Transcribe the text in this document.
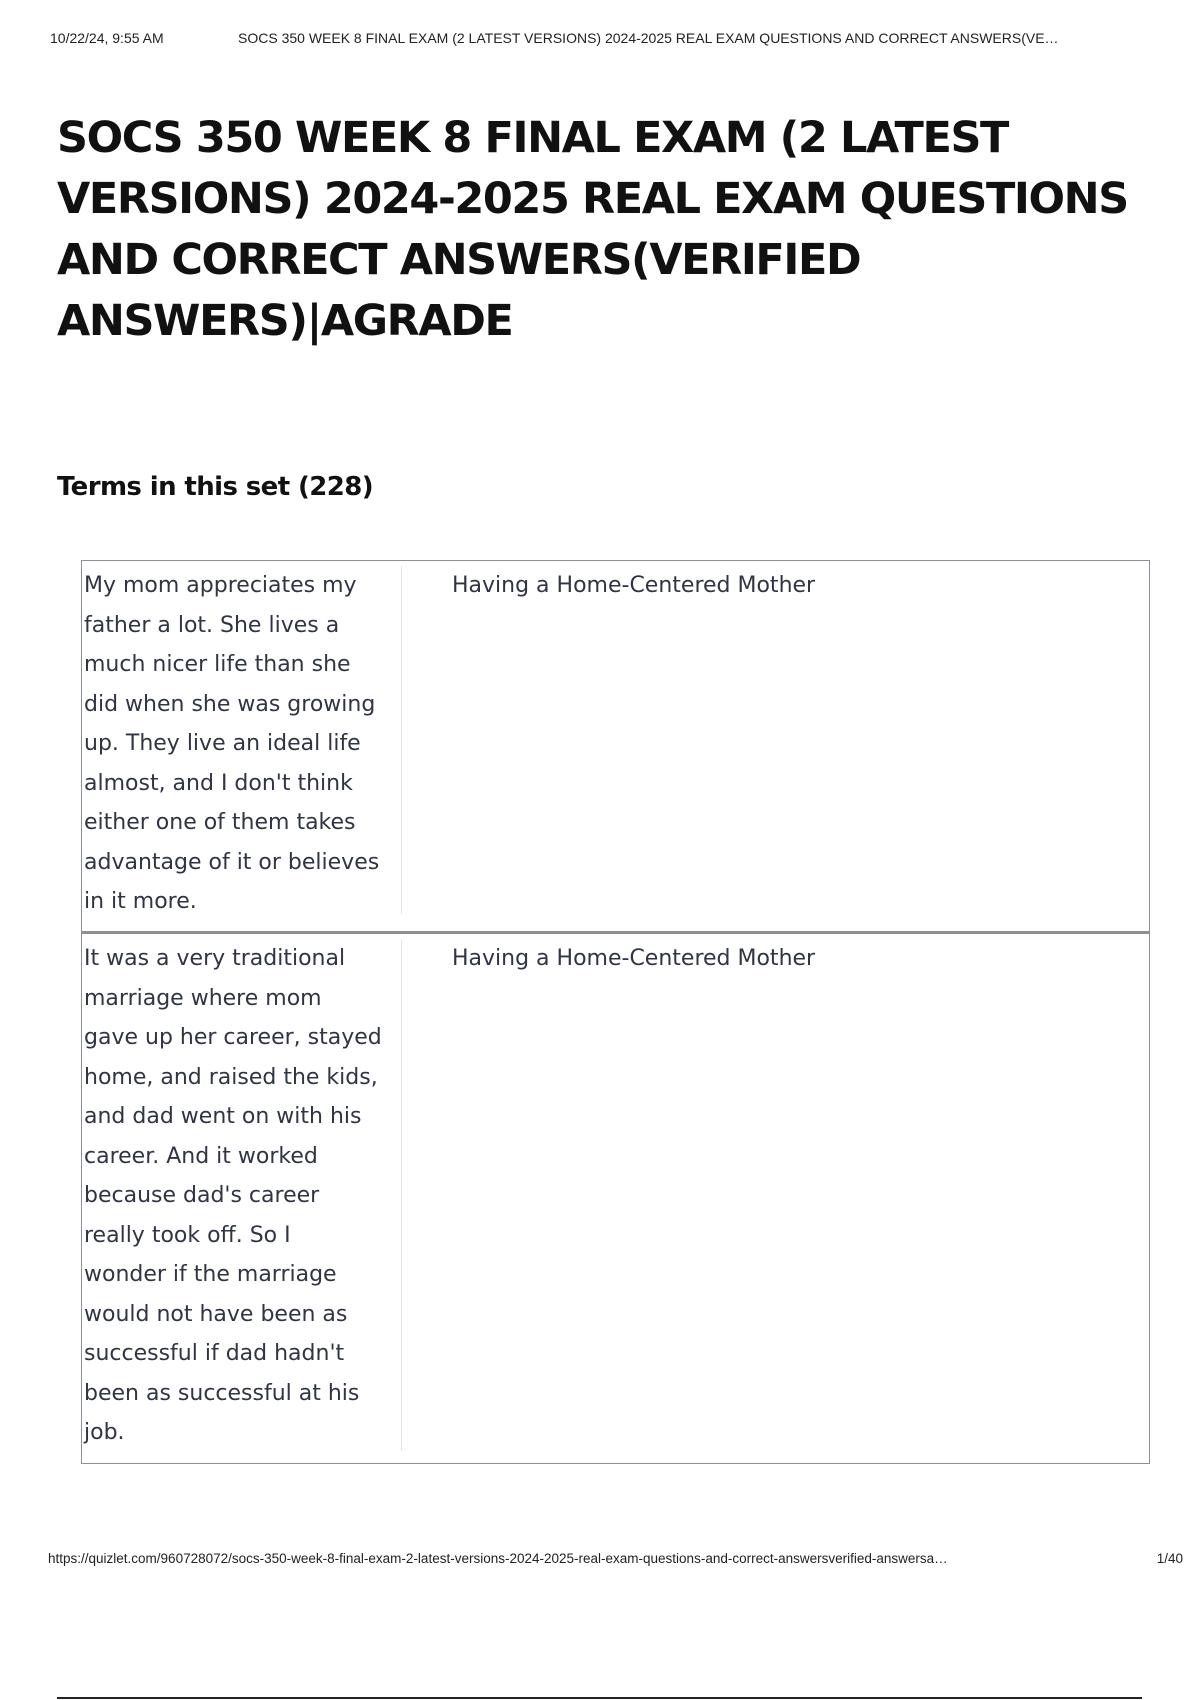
10/22/24, 9:55 AM	SOCS 350 WEEK 8 FINAL EXAM (2 LATEST VERSIONS) 2024-2025 REAL EXAM QUESTIONS AND CORRECT ANSWERS(VE…
SOCS 350 WEEK 8 FINAL EXAM (2 LATEST VERSIONS) 2024-2025 REAL EXAM QUESTIONS AND CORRECT ANSWERS(VERIFIED ANSWERS)|AGRADE
Terms in this set (228)
My mom appreciates my
father a lot. She lives a
much nicer life than she
did when she was growing
up. They live an ideal life
almost, and I don't think
either one of them takes
advantage of it or believes
in it more.
Having a Home-Centered Mother
It was a very traditional
marriage where mom
gave up her career, stayed
home, and raised the kids,
and dad went on with his
career. And it worked
because dad's career
really took off. So I
wonder if the marriage
would not have been as
successful if dad hadn't
been as successful at his
job.
Having a Home-Centered Mother
https://quizlet.com/960728072/socs-350-week-8-final-exam-2-latest-versions-2024-2025-real-exam-questions-and-correct-answersverified-answersa…	1/40
